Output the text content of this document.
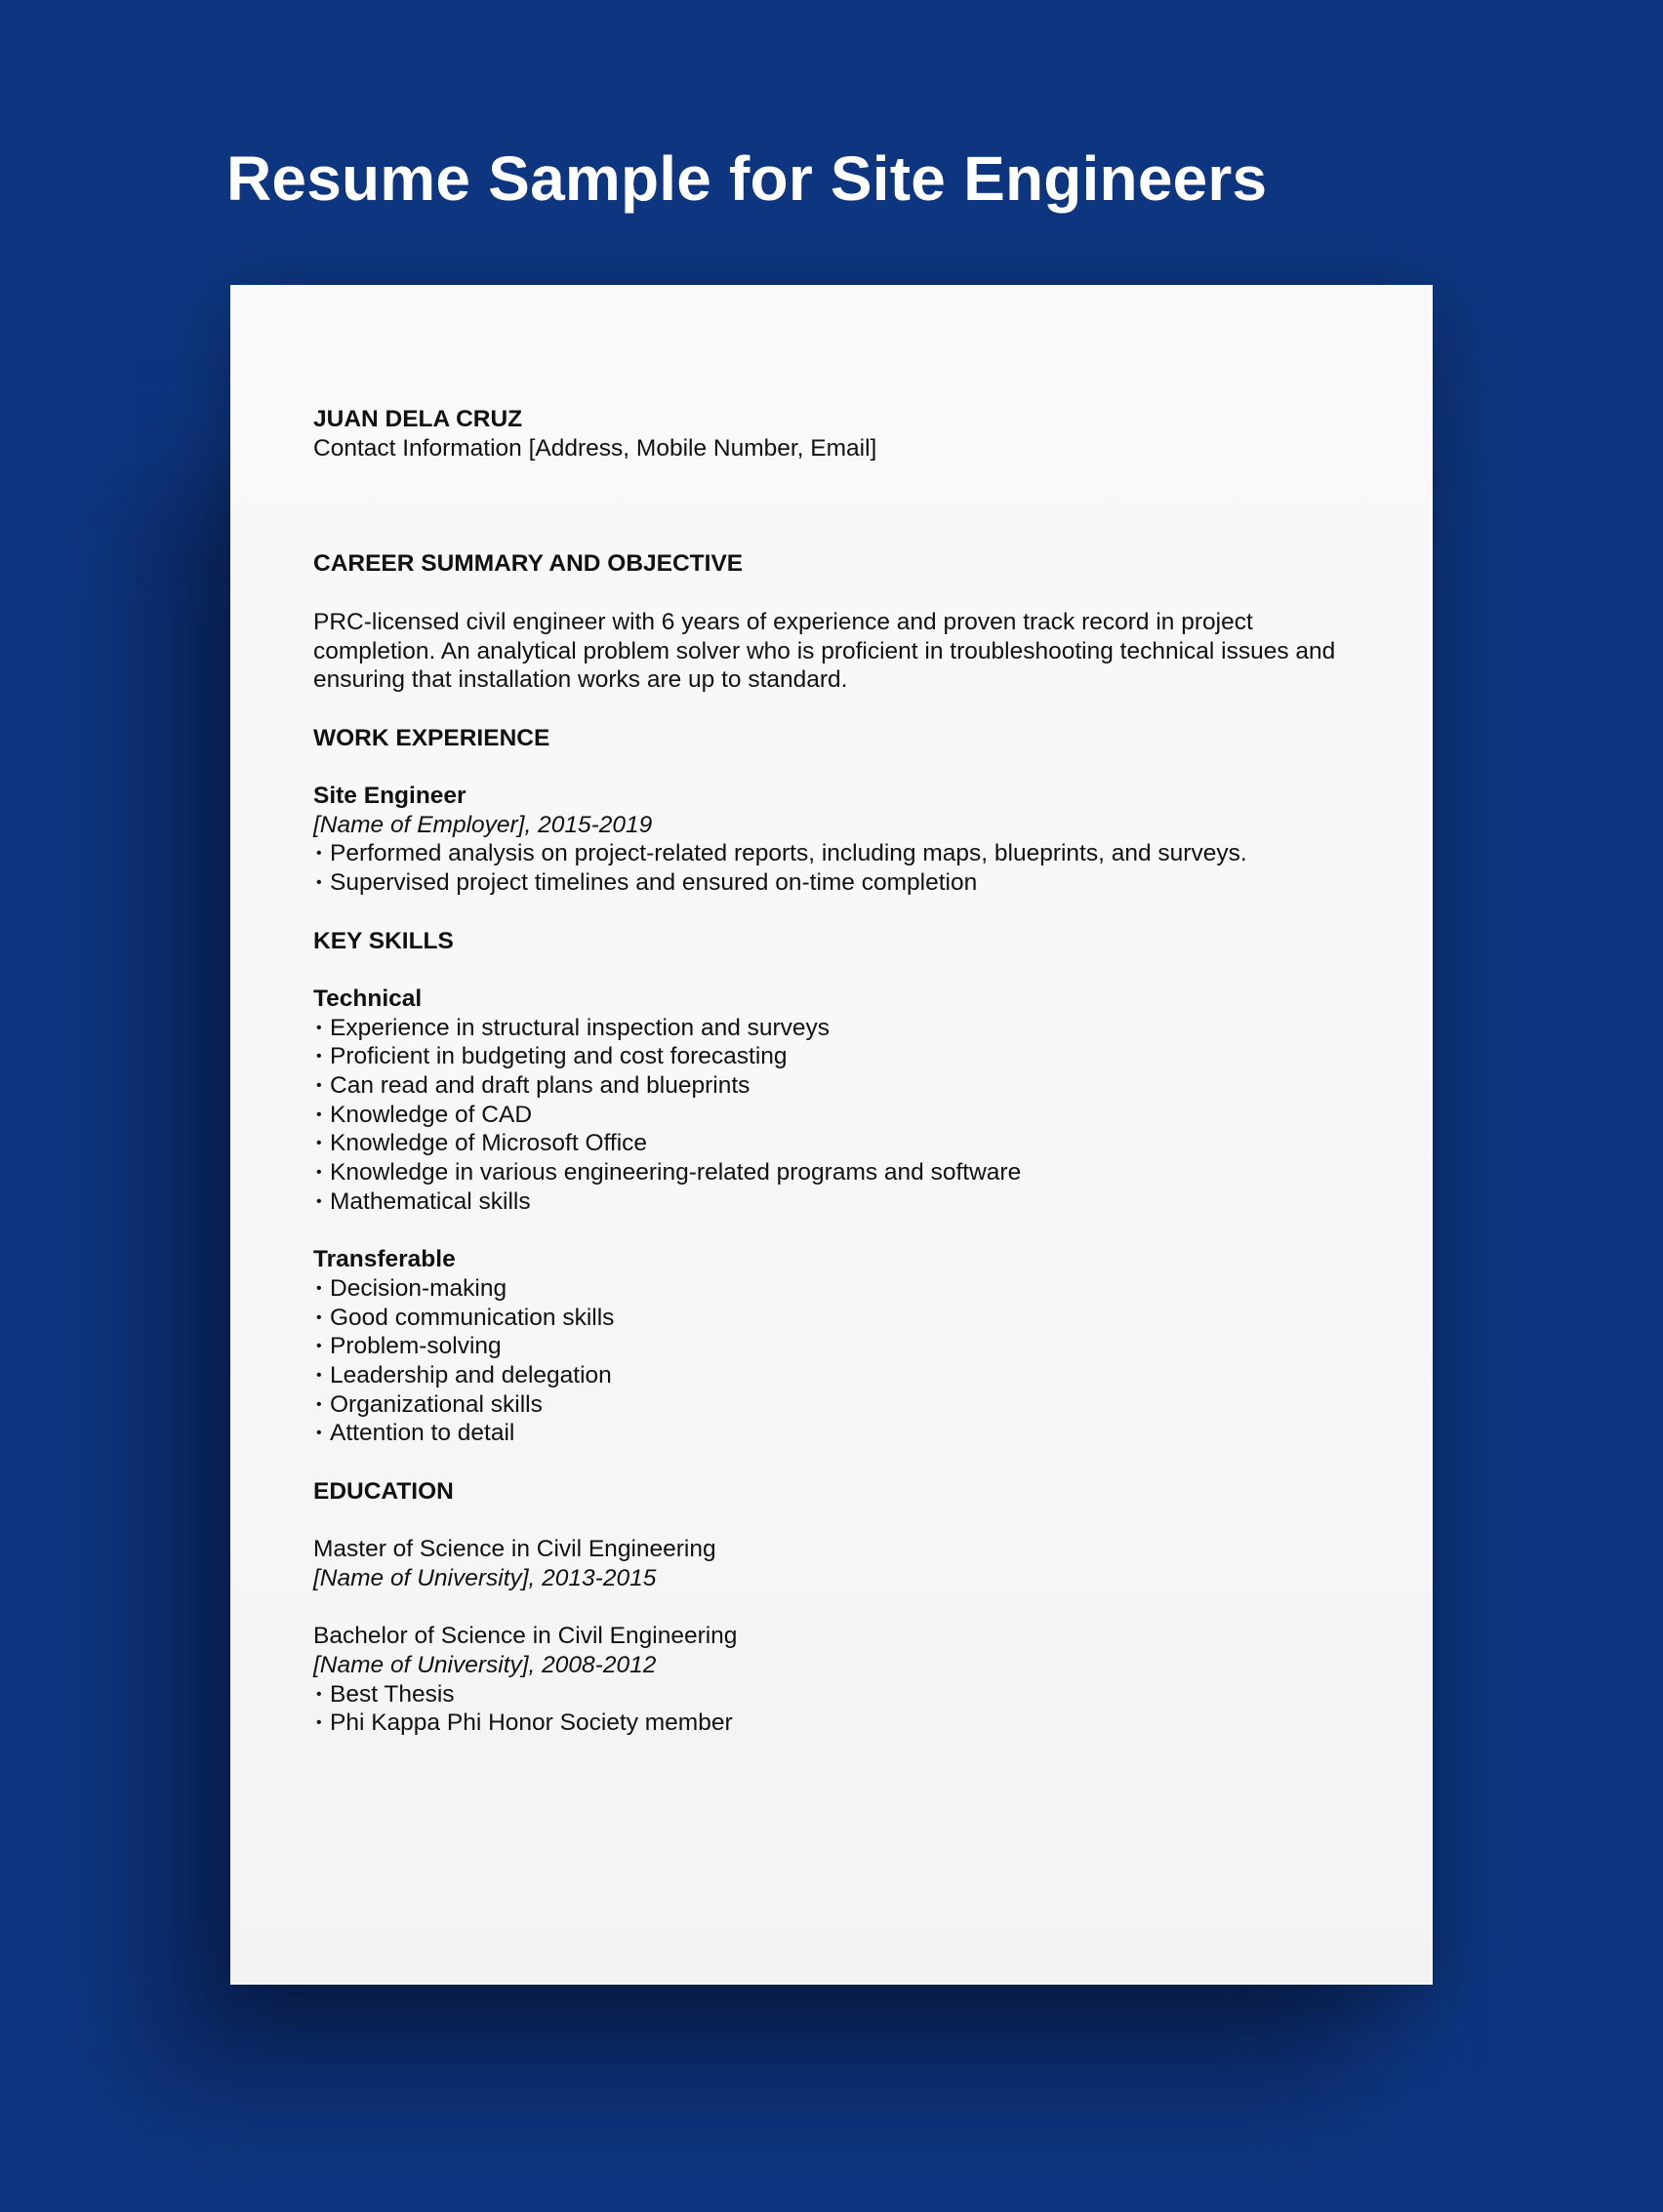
Resume Sample for Site Engineers
JUAN DELA CRUZ
Contact Information [Address, Mobile Number, Email]
CAREER SUMMARY AND OBJECTIVE
PRC-licensed civil engineer with 6 years of experience and proven track record in project
completion. An analytical problem solver who is proficient in troubleshooting technical issues and
ensuring that installation works are up to standard.
WORK EXPERIENCE
Site Engineer
[Name of Employer], 2015-2019
• Performed analysis on project-related reports, including maps, blueprints, and surveys.
• Supervised project timelines and ensured on-time completion
KEY SKILLS
Technical
• Experience in structural inspection and surveys
• Proficient in budgeting and cost forecasting
• Can read and draft plans and blueprints
• Knowledge of CAD
• Knowledge of Microsoft Office
• Knowledge in various engineering-related programs and software
• Mathematical skills
Transferable
• Decision-making
• Good communication skills
• Problem-solving
• Leadership and delegation
• Organizational skills
• Attention to detail
EDUCATION
Master of Science in Civil Engineering
[Name of University], 2013-2015
Bachelor of Science in Civil Engineering
[Name of University], 2008-2012
• Best Thesis
• Phi Kappa Phi Honor Society member
